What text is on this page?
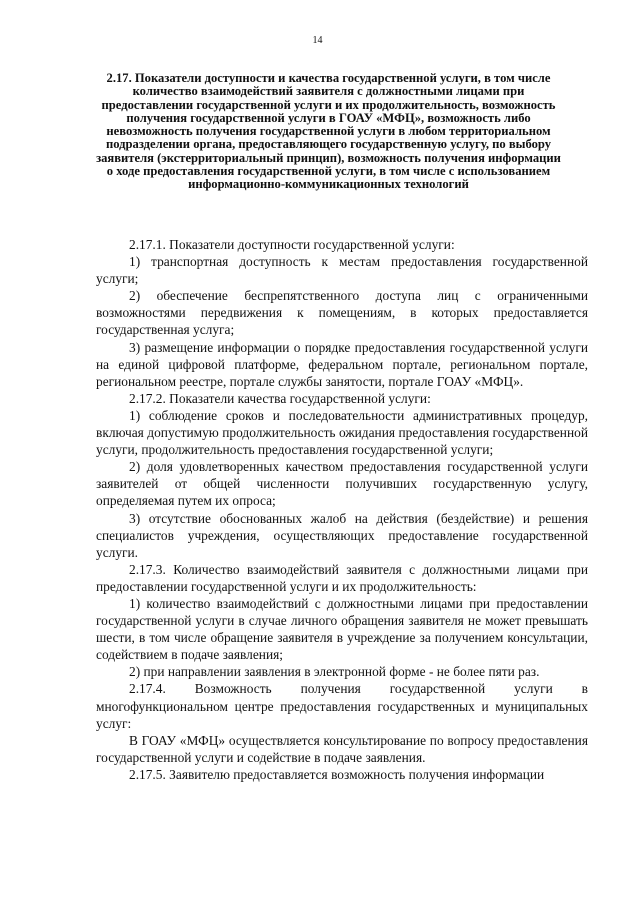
14
2.17. Показатели доступности и качества государственной услуги, в том числе количество взаимодействий заявителя с должностными лицами при предоставлении государственной услуги и их продолжительность, возможность получения государственной услуги в ГОАУ «МФЦ», возможность либо невозможность получения государственной услуги в любом территориальном подразделении органа, предоставляющего государственную услугу, по выбору заявителя (экстерриториальный принцип), возможность получения информации о ходе предоставления государственной услуги, в том числе с использованием информационно-коммуникационных технологий

2.17.1. Показатели доступности государственной услуги:

1) транспортная доступность к местам предоставления государственной услуги;

2) обеспечение беспрепятственного доступа лиц с ограниченными возможностями передвижения к помещениям, в которых предоставляется государственная услуга;

3) размещение информации о порядке предоставления государственной услуги на единой цифровой платформе, федеральном портале, региональном портале, региональном реестре, портале службы занятости, портале ГОАУ «МФЦ».

2.17.2. Показатели качества государственной услуги:

1) соблюдение сроков и последовательности административных процедур, включая допустимую продолжительность ожидания предоставления государственной услуги, продолжительность предоставления государственной услуги;

2) доля удовлетворенных качеством предоставления государственной услуги заявителей от общей численности получивших государственную услугу, определяемая путем их опроса;

3) отсутствие обоснованных жалоб на действия (бездействие) и решения специалистов учреждения, осуществляющих предоставление государственной услуги.

2.17.3. Количество взаимодействий заявителя с должностными лицами при предоставлении государственной услуги и их продолжительность:

1) количество взаимодействий с должностными лицами при предоставлении государственной услуги в случае личного обращения заявителя не может превышать шести, в том числе обращение заявителя в учреждение за получением консультации, содействием в подаче заявления;

2) при направлении заявления в электронной форме - не более пяти раз.

2.17.4. Возможность получения государственной услуги в многофункциональном центре предоставления государственных и муниципальных услуг:

В ГОАУ «МФЦ» осуществляется консультирование по вопросу предоставления государственной услуги и содействие в подаче заявления.

2.17.5. Заявителю предоставляется возможность получения информации
